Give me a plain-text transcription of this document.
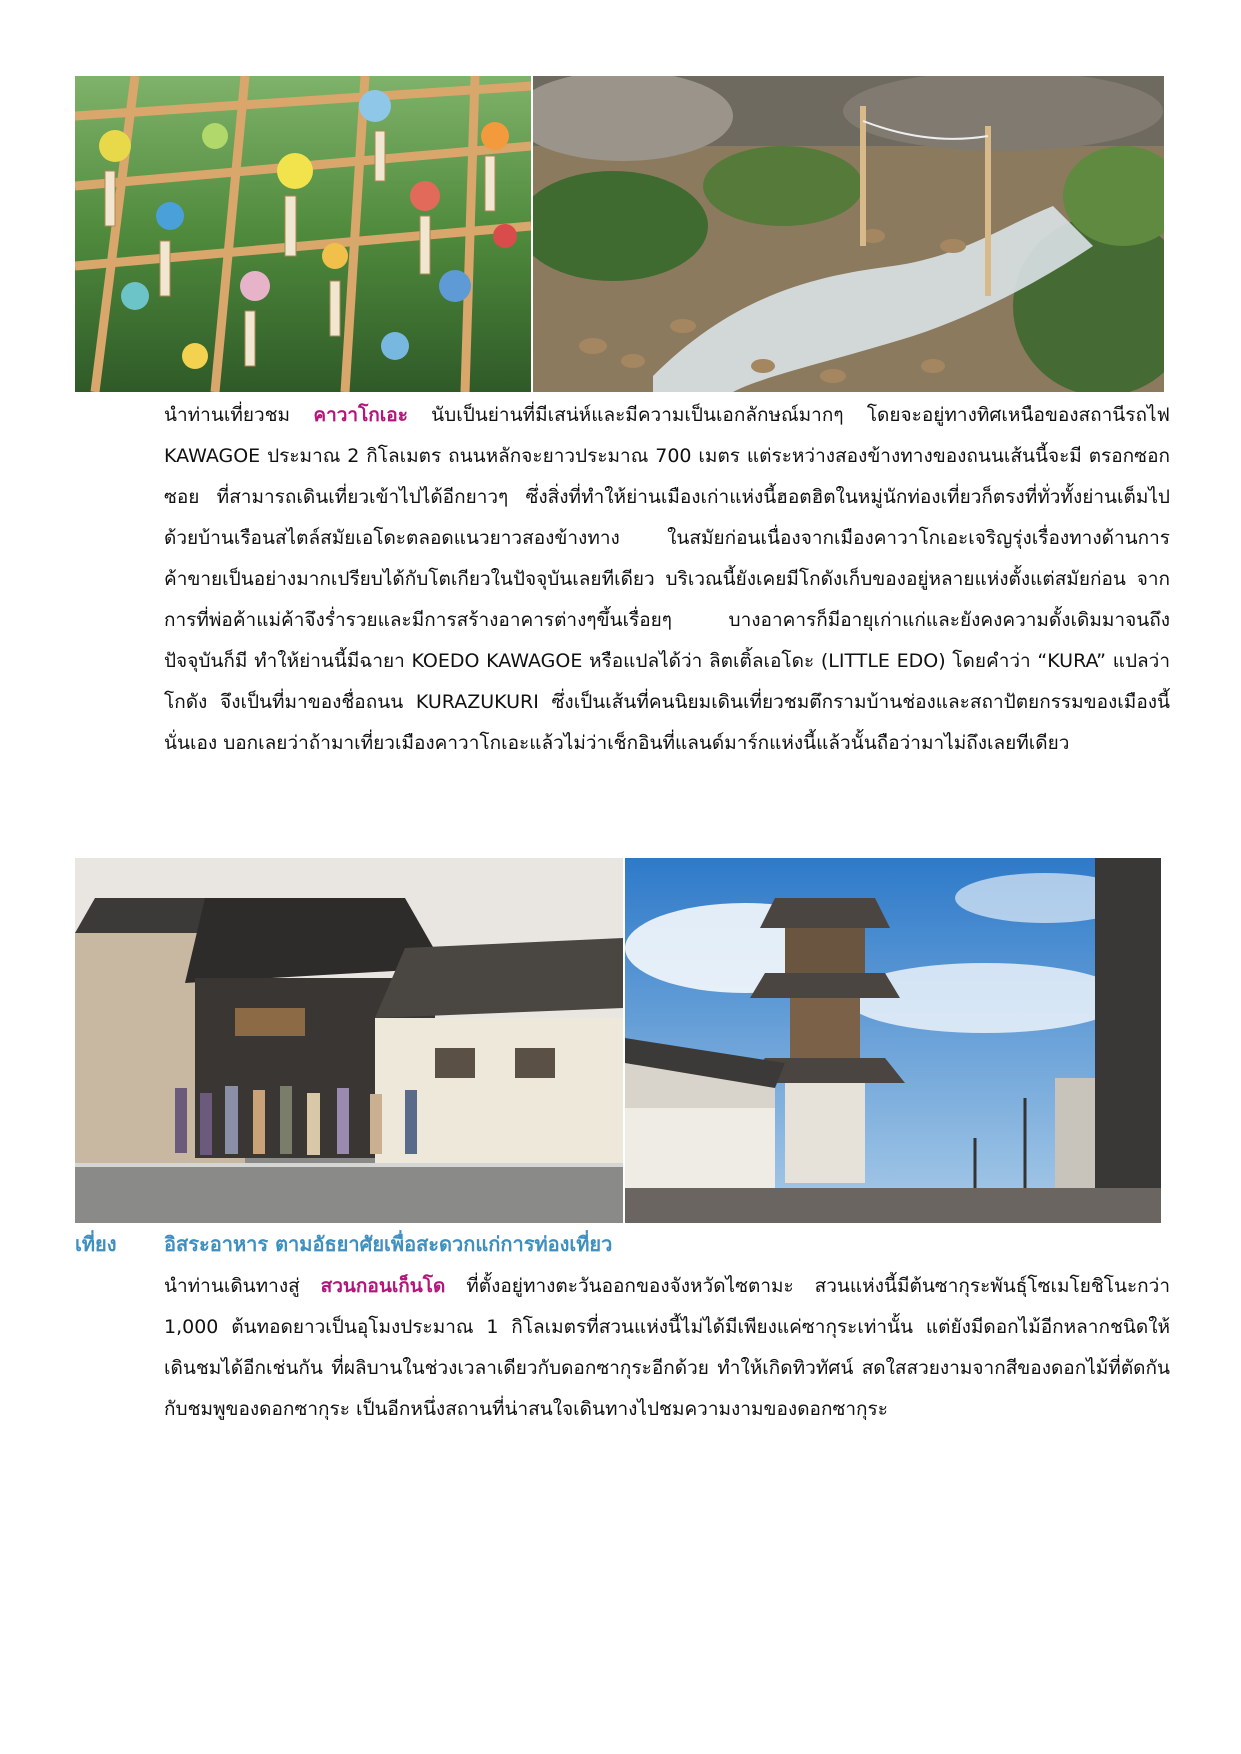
นำท่านเที่ยวชม คาวาโกเอะ นับเป็นย่านที่มีเสน่ห์และมีความเป็นเอกลักษณ์มากๆ โดยจะอยู่ทางทิศเหนือของสถานีรถไฟ KAWAGOE ประมาณ 2 กิโลเมตร ถนนหลักจะยาวประมาณ 700 เมตร แต่ระหว่างสองข้างทางของถนนเส้นนี้จะมี ตรอกซอกซอย ที่สามารถเดินเที่ยวเข้าไปได้อีกยาวๆ ซึ่งสิ่งที่ทำให้ย่านเมืองเก่าแห่งนี้ฮอตฮิตในหมู่นักท่องเที่ยวก็ตรงที่ทั่วทั้งย่านเต็มไปด้วยบ้านเรือนสไตล์สมัยเอโดะตลอดแนวยาวสองข้างทาง ในสมัยก่อนเนื่องจากเมืองคาวาโกเอะเจริญรุ่งเรื่องทางด้านการค้าขายเป็นอย่างมากเปรียบได้กับโตเกียวในปัจจุบันเลยทีเดียว บริเวณนี้ยังเคยมีโกดังเก็บของอยู่หลายแห่งตั้งแต่สมัยก่อน จากการที่พ่อค้าแม่ค้าจึงร่ำรวยและมีการสร้างอาคารต่างๆขึ้นเรื่อยๆ บางอาคารก็มีอายุเก่าแก่และยังคงความดั้งเดิมมาจนถึงปัจจุบันก็มี ทำให้ย่านนี้มีฉายา KOEDO KAWAGOE หรือแปลได้ว่า ลิตเติ้ลเอโดะ (LITTLE EDO) โดยคำว่า “KURA” แปลว่าโกดัง จึงเป็นที่มาของชื่อถนน KURAZUKURI ซึ่งเป็นเส้นที่คนนิยมเดินเที่ยวชมตึกรามบ้านช่องและสถาปัตยกรรมของเมืองนี้นั่นเอง บอกเลยว่าถ้ามาเที่ยวเมืองคาวาโกเอะแล้วไม่ว่าเช็กอินที่แลนด์มาร์กแห่งนี้แล้วนั้นถือว่ามาไม่ถึงเลยทีเดียว

เที่ยง อิสระอาหาร ตามอัธยาศัยเพื่อสะดวกแก่การท่องเที่ยว

นำท่านเดินทางสู่ สวนกอนเก็นโด ที่ตั้งอยู่ทางตะวันออกของจังหวัดไซตามะ สวนแห่งนี้มีต้นซากุระพันธุ์โซเมโยชิโนะกว่า 1,000 ต้นทอดยาวเป็นอุโมงประมาณ 1 กิโลเมตรที่สวนแห่งนี้ไม่ได้มีเพียงแค่ซากุระเท่านั้น แต่ยังมีดอกไม้อีกหลากชนิดให้เดินชมได้อีกเช่นกัน ที่ผลิบานในช่วงเวลาเดียวกับดอกซากุระอีกด้วย ทำให้เกิดทิวทัศน์ สดใสสวยงามจากสีของดอกไม้ที่ตัดกันกับชมพูของดอกซากุระ เป็นอีกหนึ่งสถานที่น่าสนใจเดินทางไปชมความงามของดอกซากุระ
